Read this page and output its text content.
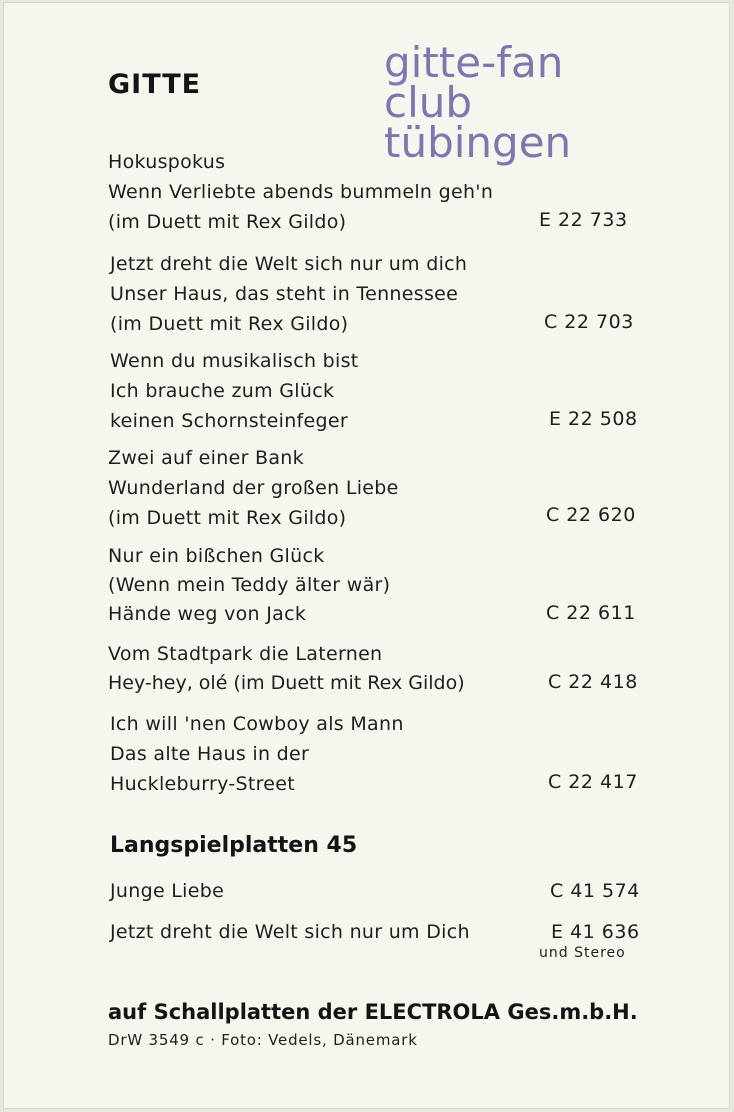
GITTE	gitte-fan
club
tübingen
Hokuspokus
Wenn Verliebte abends bummeln geh'n
(im Duett mit Rex Gildo)	E 22 733
Jetzt dreht die Welt sich nur um dich
Unser Haus, das steht in Tennessee
(im Duett mit Rex Gildo)	C 22 703
Wenn du musikalisch bist
Ich brauche zum Glück
keinen Schornsteinfeger	E 22 508
Zwei auf einer Bank
Wunderland der großen Liebe
(im Duett mit Rex Gildo)	C 22 620
Nur ein bißchen Glück
(Wenn mein Teddy älter wär)
Hände weg von Jack	C 22 611
Vom Stadtpark die Laternen
Hey-hey, olé (im Duett mit Rex Gildo)	C 22 418
Ich will 'nen Cowboy als Mann
Das alte Haus in der
Huckleburry-Street	C 22 417
Langspielplatten 45
Junge Liebe	C 41 574
Jetzt dreht die Welt sich nur um Dich	E 41 636
und Stereo
auf Schallplatten der ELECTROLA Ges.m.b.H.
DrW 3549 c · Foto: Vedels, Dänemark
